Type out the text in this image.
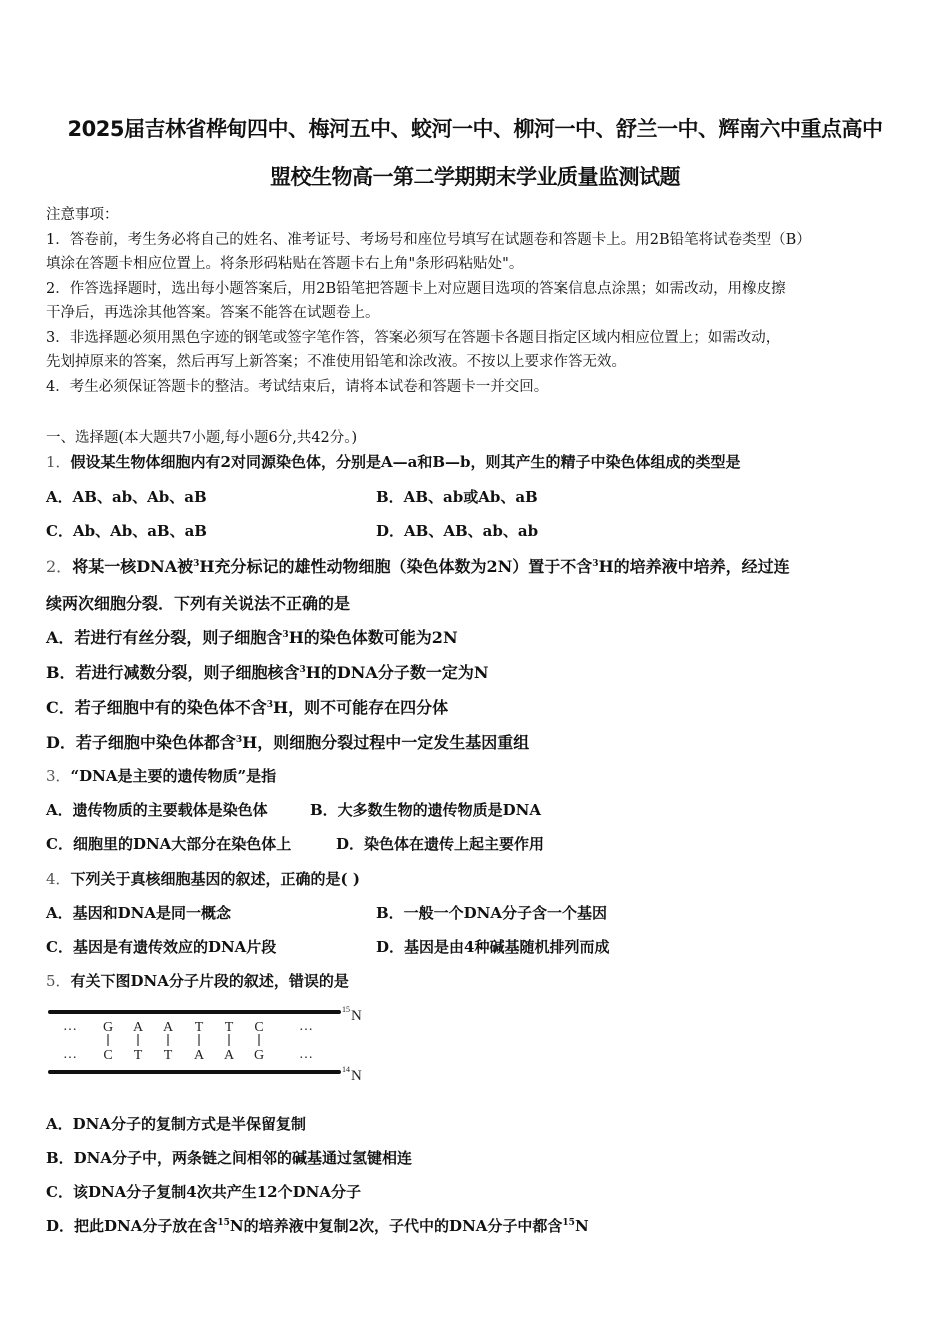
2025届吉林省桦甸四中、梅河五中、蛟河一中、柳河一中、舒兰一中、辉南六中重点高中
盟校生物高一第二学期期末学业质量监测试题

注意事项：

1．答卷前，考生务必将自己的姓名、准考证号、考场号和座位号填写在试题卷和答题卡上。用2B铅笔将试卷类型（B）

填涂在答题卡相应位置上。将条形码粘贴在答题卡右上角"条形码粘贴处"。

2．作答选择题时，选出每小题答案后，用2B铅笔把答题卡上对应题目选项的答案信息点涂黑；如需改动，用橡皮擦

干净后，再选涂其他答案。答案不能答在试题卷上。

3．非选择题必须用黑色字迹的钢笔或签字笔作答，答案必须写在答题卡各题目指定区域内相应位置上；如需改动，

先划掉原来的答案，然后再写上新答案；不准使用铅笔和涂改液。不按以上要求作答无效。

4．考生必须保证答题卡的整洁。考试结束后，请将本试卷和答题卡一并交回。

一、选择题(本大题共7小题,每小题6分,共42分。)
1．假设某生物体细胞内有2对同源染色体，分别是A—a和B—b，则其产生的精子中染色体组成的类型是
A．AB、ab、Ab、aB	B．AB、ab或Ab、aB
C．Ab、Ab、aB、aB	D．AB、AB、ab、ab
2．将某一核DNA被$^3$H充分标记的雄性动物细胞（染色体数为2N）置于不含$^3$H的培养液中培养，经过连
续两次细胞分裂．下列有关说法不正确的是
A．若进行有丝分裂，则子细胞含$^3$H的染色体数可能为2N
B．若进行减数分裂，则子细胞核含$^3$H的DNA分子数一定为N
C．若子细胞中有的染色体不含$^3$H，则不可能存在四分体
D．若子细胞中染色体都含$^3$H，则细胞分裂过程中一定发生基因重组
3．“DNA是主要的遗传物质”是指
A．遗传物质的主要载体是染色体	B．大多数生物的遗传物质是DNA
C．细胞里的DNA大部分在染色体上	D．染色体在遗传上起主要作用
4．下列关于真核细胞基因的叙述，正确的是( )
A．基因和DNA是同一概念	B．一般一个DNA分子含一个基因
C．基因是有遗传效应的DNA片段	D．基因是由4种碱基随机排列而成
5．有关下图DNA分子片段的叙述，错误的是
… G A A T T C	…
… C T T A A G …
15 N
14 N
A．DNA分子的复制方式是半保留复制
B．DNA分子中，两条链之间相邻的碱基通过氢键相连
C．该DNA分子复制4次共产生12个DNA分子
D．把此DNA分子放在含$^{15}$N的培养液中复制2次，子代中的DNA分子中都含$^{15}$N
